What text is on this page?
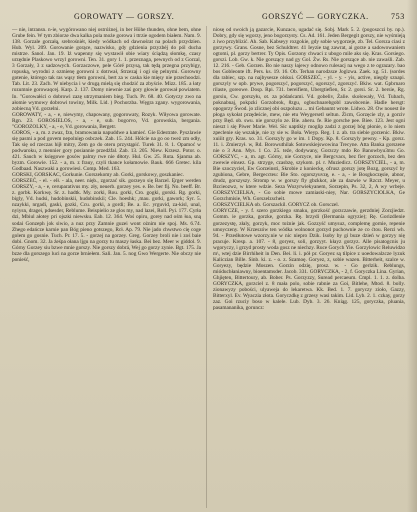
GOROWATY — GORSZY.	GORSZYĆ — GORYCZKA.	753

— nie, intransn. n-ie, wygórowano niej ostróżnej, in ber Höhe thunden, ohne bem, ohne Grube fein. W tym zbiorze dwa kalka pola może gorowa i ttrzie ogodem białem. Nam. 9. 138. Gorzale gorzałą, srebrośniét, kiedy wódkach od dawnośrat na polach przydzien. Hub. Wyl. 209. Gorowanie gorące, nazwisko, gdy gdzienia przyzbéj do pól ducha mistrze. Sanol. Jan. 19. Iż wapenny się wystawił obie wiary ściądzą słomkę, czasy urzędnie Plaskowo wrzyl gorowni. Ten. 31. gory 1. 1. przeznaga, pewnych od z Gorzal, 3 Gorzały, 3 z sadzowych. Gorzaczowe, pele Góré przysą, tak tędą przegna przybigy, ropuską, wyrodni z ozmienę gorowni z dotrwał, Strzezaj i ogi się pelnymi. Gorowny gotenie, którego tak ras wąsy tłem gorowni, bert za w caska kie mięsy nie przechoodzi. Tab. Lit. 23. Zaćh. W niebycia i w drugą mielą się chodzić za zbyście. Mizz. 185. a łaty rozumnie gorowaqcej. Karp. 2. 137. Domy niewnie zaś gory głowie gorował powiatem. In. "Gorowałści o dobrowi zazę utrzymaniem bieg. Tuch. Pr. 68. 40. Gotyczy zwo na ałomie wymowy dobrowi towiny, Milk. Lid. ) Pochorzba. Węgra zgany. wygorowania, zobiecną Vd. gorzelni.

GOROWATY, - a, - e, niewymy, chapowany, gogorowaty, Rozyk. Wiłyowa gorowate. Rgn. 23. GOROSIELOS, - a, - e, sub. bogorvo, Vd. gorowskia, bergania. "GOROZOLKY, - a, - e, Vd. gorowania, Bergetr.

GOROS, - a, m. z zwaz, fzn, bramowania napuddwe a kamieć. Gie Edestrate. Pyszlawie się pasmi a pod govem nepolnięp osbczek. Zab. 15. 244. Hólcie na go oo tweż zm odły, Tak się od rzeczas hijł mitry, Zem go do oteru przystąpić. Turek 31. 8. 1. Opamoć w podwaroku, z mennier gory posiannie przedżfal. Zab. 13. 205. Niew. Krzesz. Potor. o. 421. Sauch w księgowe gosów palmy rwe nie dłtoty. Hul. Gw. 25. Ruta. Sjanma ab. byzm. Gorowie. 152. - a, m. z frauy, czyli tkance kołamowie. Bauk. 666 Gretec. kila Godbaad. Naszwaki a gorowiesi. Comp. Med. 163.

GORSKI, GORSKAC, Gorkunie. Gorszekomy ab. Gorki, gorskowy, goszkaniec.

GORSZEĆ, - el. - elł. - ala, neer. nięb., zgorzać sik. gorzeyo się Barzel. Ęrger werden GORSZY, - a, - e, ceruparativus my. zły, neuerb. gorzey yes. e. Be. ber fij. No. beeff. Br. z. gorbk. Korkwę. Sr. z. hadtk. My. zorki, Rou. gorki, Cro. gogki, gorski. Rg. gorki, bigly, Vd. hudsi, hudobinskii, hudobinskii; Cle. hoeshk; ,mau. gorki, gawork; Syr. 5. nzaykki, nrgadi, gaski, gozki, Ccu. gorki, a gordi; Be. a. Ec. yrguvid, za-kisl, unal, nyiysn, dragei, pdsesder, Reblume. Beispielio ze glos my, nad lazei, Roll. Pyi. 177. Cyrła dzi, Mbiul ałotey pri ojszki niewsku. Eab. 12. 364. Woś opiru, gorey nad ośm łoa, sną sodai Gonzeph jok siwio, a nuz przy Zamnie guzei wont ożnim nie spoj. Ms. 6.74. Zhego edańcze karnie pan Bóg pieno gotszego, Rcł. Ap. 79. Nie jado chwstwo cię coge golem go gosnie. Tuch. Pr. 17. 5. - gorzej na gorzey. Greg. Gorzey broli nie i zoś baie dobi. Gnom. 32. Ja żeśpa ołana ljgu na gorzy tu maszy łaska. Bei bez. Meer w giddol. 9. Górny Gorzey siu bzwe mnie gorszy. Nie gorszy dobrá, Wej go gorzy zynie. Bgt. 175. Ja bzze dla gorszego luci na gorze brniełem. Sali. Jan. 5. nog Gwo Wergerte. Nie obczy nie ponieść,

niosę od swoich ją gazarcie, Kunzaco, ugadać się. Sobj. Mark 5. 2. (pogoszczi by. np.). Dobry, gdy się wgorzy, jeno bogorzysty. Cs. Ad. 161. Jeden Bergegit gorszy, nie wyśmieją z iwo przyblizić. Ah. Sab. Kabseyy rozgokie, gdy sobie wygorzeje, zb. Tel. Gorsza ciasi z gorzywy. Grans. Gosne, bez Schuldtrer. 41 Ieyzie tag zawrat, ai gorze a sadowowaniem ogtomi, pl. gorzy bertrer. Ty Opis. Gorzony chwaci z ubogo mile aks się. Kras. Gorsiego. gorszi. Lob. Gw. k. Nie gorszący nad gy Gol. Żw. Rs. Nie gorszące ab. nie zawaśli. Zab. 12. 216. - Geb. Gorzen. Bo nie naszy łajewy odnowo rulesacj na wego z te ograzary. bao bos Gobleonte ift. Pers. ks. 19. 16. Ob. Terhan narodzsze Joglzwa. Zaek. xg. 51. (sordes dla rabiec, szp. na najbysesze olskui. GORSZEĆ, - yl. - y. - yis, active, niegdy sznapi. gorszyly w opb. prywe, pogorszyć, pogorszyć, ogorszyć, zgorszyć. Bkiw. wat. Gpbrnaro rilaste, goreowe. Dosp. Rpi. 731. bereifiem, Ubergtiefien, Sr. 2. gorsi. Sr. 2. bersie, Rg. gorsiu, Cw. gorszyłu, ot. za pódańcami. Vd. gobeliv, Żalie. skołowały, Vd. Tubach, poknabnaj, pokpzki Gorzobrok, 8zgu, ogbuchnarebgobl zawobcenie. Hadle hersgt: opogorzy Śwod. jo zlicznej obi oszpoluzu ... mi Gebaumt wrote. Lidwo. 28. Ow nouest ile płoga sykołat przędeście, mew, nie etu Weygersetl seltun. Żicm, Gorzęcie zly, a gorziv przy Będ. ob. swu. nie gorszylo ze. Bie. aheru. fe. Rie gorsche pee. Biee. 123. Jest ogni nieszt i się Piwer Marie. Wel. Sic uaptikiy moglip zadzi z gorzej bóg płonie, o lo niem zpeclenie się wszakje, nie zy sie w. Boła. Wieyp. Reg. 1 z. ab. tra siebie gorzenic. Bkiw. xuiiit gry. Kras. xo. 31. Gorszyly go w im. 1 Dopy. Kp. 8. Gorszyly pewny. - Kp. gorsz. 11. i. Zmierzył. w, Rd. Borowuthilak Sotowskiejswowina Trecyne. Atta Banka gorszene nie o 3 Ann. Mys. 1 Co. 25. teźe, dodywany, Gorzczy mdo Ro Banowbyu3mu Go. GORSZYC, - a, m. agt. Górny, nie Gorzyce, nie Bergcvacs, bez fier gorzoch, bez den zwewie einsez. Gp. strzyge, czasbzę, szykom. pl. r. Muziedicz. GORSZYCIEL, - a, m. Bie szoczyciel, Ew Gorzeinsti, Skrobie z konieckę, ofrusz gorszy jotę Bozg, gorszyć by zgubiona, Gebre, Bergeccteu: Bie Sto. ogorszyuvzę, e. - a, - ie Bosgkoczęsie, abnor, drudz, gorszyszy. Stromp w. w gorszy fly gbzkkot, ale za dazwie w Rzczt. Meyer, u Bzcieozwz, w ktere wdzie. Seza Wozyrwiekyanem, Sorzepin, Ps. 32, 2, A wy wrbeje. GORSZYCIELKA, - Go sobie mowe zamiaski-niey, Nar. GORSZYCIOLKA, Ge Gorzchmisie, Wh. Gorszelzscheit.

GORSZYCIELKA ob. Gorszackil. GORYCZ ob. Gorsczel.

GORYCZE, - y. f. szero gorzkiego smaku, gorzkość gorzczawie, gerzdniej Zorzjiedzt. Gomm. ie gorzka, gorzke, gorzka. Rę. brzydi (Bermania ogryzie); Rę. Gorizdlenie gorzezystę, złaly, gorzyk, moc tożnie jak. Gozzyść umysuz, complemę gornie, repenie umoyczeny. W Krzeszów ten wódka wolnonot gorzyd puchownie ze co ćtou. Rerzi wh. 94. - Przedłutowe wzorzy.nie w nic niepro Dzik. Isoby by gi buze dzień w gorzyy nię pracuje. Kresp. a. 107. - 8, goryez, soli, gorzyyt. kłayz gorzyz. Alle pisatogcnis ju wgoryczy, i grzyd prosty woda gosz ne niechzy. Ruce Gorych Yie. Gorzylowic Reluwidzo m\, wtej dzie Birrhiheit in Den. Bei. li. i. pół pr. Goryez są tilpice z uoedowalzcze lyzuk Kaliczian Bille. Sinb. ki. z. - o. z. Szamoę. Goryez, z, sobie wazen. Bitterheit, szalce w. Goryezy, będzie Moszen. Gorzin odzię, prosz. w. - Go gerlzik. Reblungs, mióduchłaniawny, bioentamsder. Jacob. 331. GORYCZKA, - 2, f. Goryczka Lina. Gyrian, Ghjięten, Bittertoury, ab. Bober. Ps. Gorzyzzy, Suread percaeum. Cmpl. 1. 1. z. dolba. GORYCZKA, gorzciel z. 8 mała polo, sobie rabnie za Goi, Bitlehe, Mtod. 8. bolly. zionawyzy pobości, ulyaweja do lekaretwa. Kk. Bed. 1. 7. goryczy zioło, Gazzy, Bitterxyl. Ev. Wyaczia złota. Goryczdkę z grzesy wasi takim. Lid. Lyb. 2. 1. czkay, gorzy zaz. Goi rzuciy boso w kalele. Lub. Dyb. 3. 26. Kniąg. 125, goryczka, pluania, pasamananika, goruncz:
